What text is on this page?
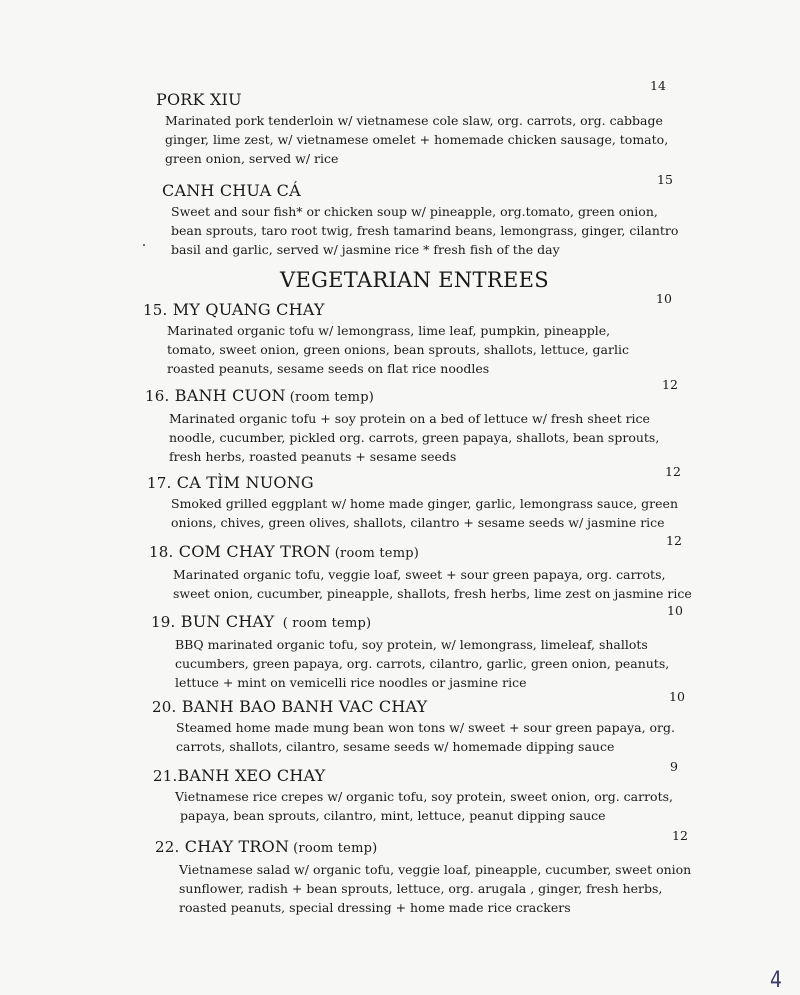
PORK XIU
Marinated pork tenderloin w/ vietnamese cole slaw, org. carrots, org. cabbage
ginger, lime zest, w/ vietnamese omelet + homemade chicken sausage, tomato,
green onion, served w/ rice
14
CANH CHUA CÁ
Sweet and sour fish* or chicken soup w/ pineapple, org.tomato, green onion,
bean sprouts, taro root twig, fresh tamarind beans, lemongrass, ginger, cilantro
basil and garlic, served w/ jasmine rice * fresh fish of the day
15
VEGETARIAN ENTREES
15. MY QUANG CHAY
Marinated organic tofu w/ lemongrass, lime leaf, pumpkin, pineapple,
tomato, sweet onion, green onions, bean sprouts, shallots, lettuce, garlic
roasted peanuts, sesame seeds on flat rice noodles
10
16. BANH CUON (room temp)
Marinated organic tofu + soy protein on a bed of lettuce w/ fresh sheet rice
noodle, cucumber, pickled org. carrots, green papaya, shallots, bean sprouts,
fresh herbs, roasted peanuts + sesame seeds
12
17. CA TÌM NUONG
Smoked grilled eggplant w/ home made ginger, garlic, lemongrass sauce, green
onions, chives, green olives, shallots, cilantro + sesame seeds w/ jasmine rice
12
18. COM CHAY TRON (room temp)
Marinated organic tofu, veggie loaf, sweet + sour green papaya, org. carrots,
sweet onion, cucumber, pineapple, shallots, fresh herbs, lime zest on jasmine rice
12
19. BUN CHAY ( room temp)
BBQ marinated organic tofu, soy protein, w/ lemongrass, limeleaf, shallots
cucumbers, green papaya, org. carrots, cilantro, garlic, green onion, peanuts,
lettuce + mint on vemicelli rice noodles or jasmine rice
10
20. BANH BAO BANH VAC CHAY
Steamed home made mung bean won tons w/ sweet + sour green papaya, org.
carrots, shallots, cilantro, sesame seeds w/ homemade dipping sauce
10
21.BANH XEO CHAY
Vietnamese rice crepes w/ organic tofu, soy protein, sweet onion, org. carrots,
papaya, bean sprouts, cilantro, mint, lettuce, peanut dipping sauce
9
22. CHAY TRON (room temp)
Vietnamese salad w/ organic tofu, veggie loaf, pineapple, cucumber, sweet onion
sunflower, radish + bean sprouts, lettuce, org. arugala , ginger, fresh herbs,
roasted peanuts, special dressing + home made rice crackers
12
4
